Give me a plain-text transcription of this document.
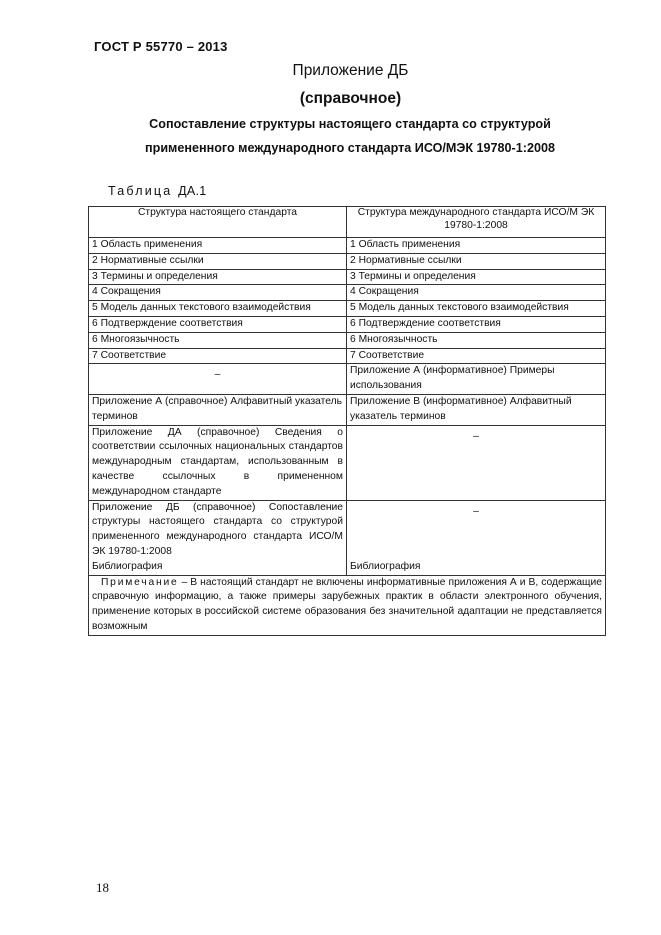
ГОСТ Р 55770 – 2013
Приложение ДБ
(справочное)
Сопоставление структуры настоящего стандарта со структурой
примененного международного стандарта ИСО/МЭК 19780-1:2008
Таблица ДА.1
Структура настоящего стандарта	Структура международного стандарта ИСО/М ЭК 19780-1:2008
1 Область применения	1 Область применения
2 Нормативные ссылки	2 Нормативные ссылки
3 Термины и определения	3 Термины и определения
4 Сокращения	4 Сокращения
5 Модель данных текстового взаимодействия	5 Модель данных текстового взаимодействия
6 Подтверждение соответствия	6 Подтверждение соответствия
6 Многоязычность	6 Многоязычность
7 Соответствие	7 Соответствие
–	Приложение А (информативное) Примеры использования
Приложение А (справочное) Алфавитный указатель терминов	Приложение В (информативное) Алфавитный указатель терминов
Приложение ДА (справочное) Сведения о соответствии ссылочных национальных стандартов международным стандартам, использованным в качестве ссылочных в примененном международном стандарте	–
Приложение ДБ (справочное) Сопоставление структуры настоящего стандарта со структурой примененного международного стандарта ИСО/М ЭК 19780-1:2008	–
Библиография	Библиография
Примечание – В настоящий стандарт не включены информативные приложения А и В, содержащие справочную информацию, а также примеры зарубежных практик в области электронного обучения, применение которых в российской системе образования без значительной адаптации не представляется возможным	
18
